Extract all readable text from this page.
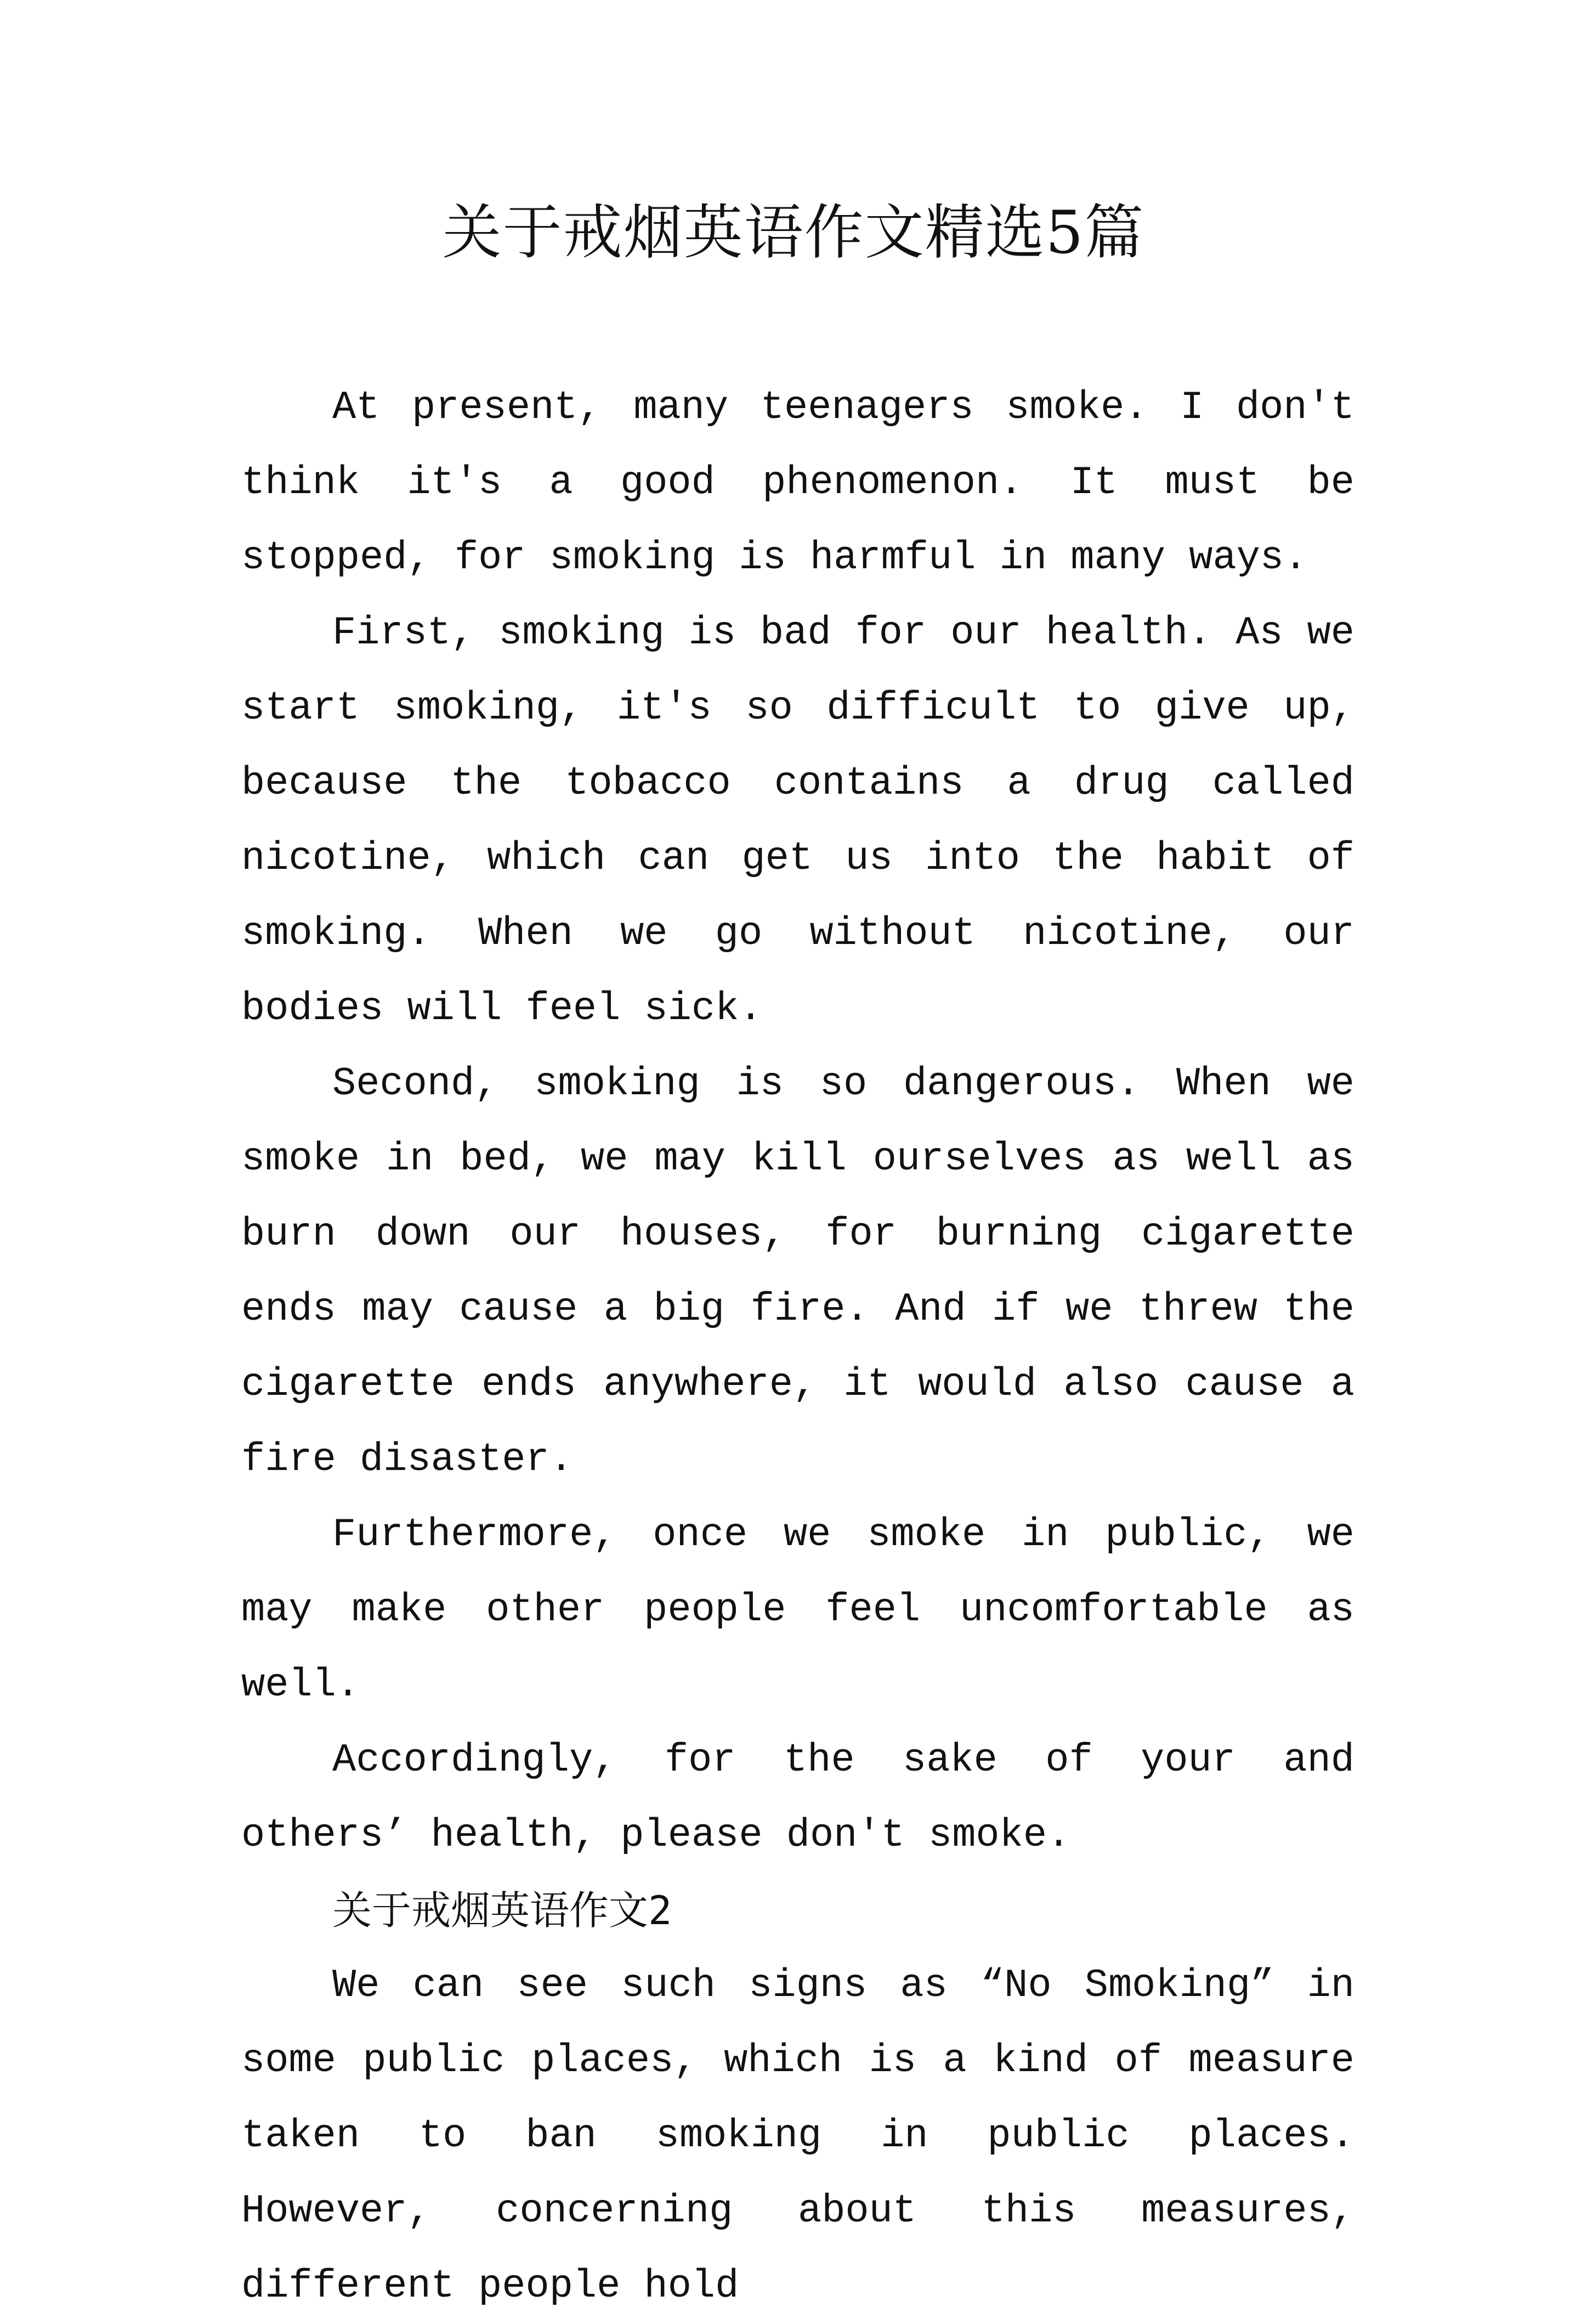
关于戒烟英语作文精选5篇

At present, many teenagers smoke. I don't think it's a good phenomenon. It must be stopped, for smoking is harmful in many ways.

First, smoking is bad for our health. As we start smoking, it's so difficult to give up, because the tobacco contains a drug called nicotine, which can get us into the habit of smoking. When we go without nicotine, our bodies will feel sick.

Second, smoking is so dangerous. When we smoke in bed, we may kill ourselves as well as burn down our houses, for burning cigarette ends may cause a big fire. And if we threw the cigarette ends anywhere, it would also cause a fire disaster.

Furthermore, once we smoke in public, we may make other people feel uncomfortable as well.

Accordingly, for the sake of your and others’ health, please don't smoke.

关于戒烟英语作文2

We can see such signs as “No Smoking” in some public places, which is a kind of measure taken to ban smoking in public places. However, concerning about this measures, different people hold
